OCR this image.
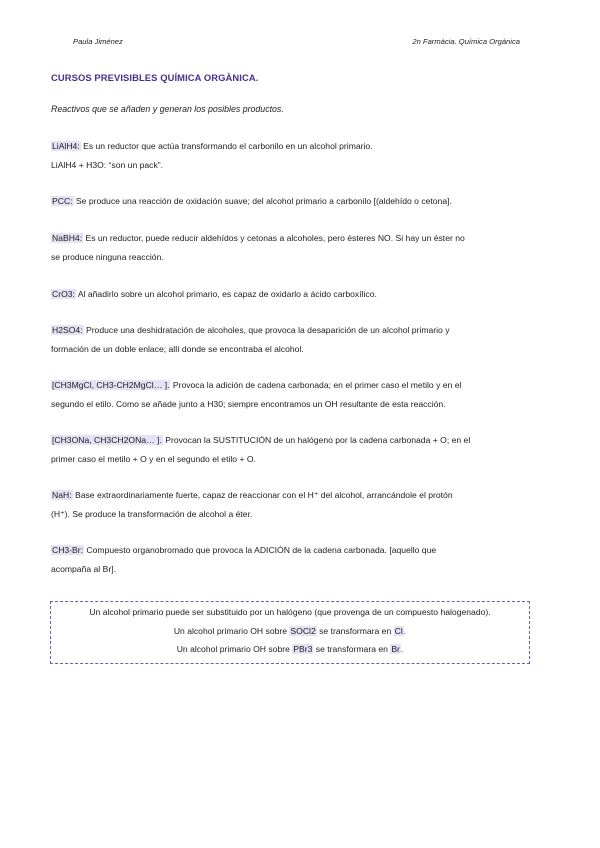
Paula Jiménez	2n Farmàcia. Química Orgànica
CURSOS PREVISIBLES QUÍMICA ORGÀNICA.
Reactivos que se añaden y generan los posibles productos.
LiAlH4: Es un reductor que actúa transformando el carbonilo en un alcohol primario.
LiAlH4 + H3O: “son un pack”.
PCC: Se produce una reacción de oxidación suave; del alcohol primario a carbonilo [(aldehído o cetona].
NaBH4: Es un reductor, puede reducir aldehídos y cetonas a alcoholes, pero ésteres NO. Si hay un éster no
se produce ninguna reacción.
CrO3: Al añadirlo sobre un alcohol primario, es capaz de oxidarlo a ácido carboxílico.
H2SO4: Produce una deshidratación de alcoholes, que provoca la desaparición de un alcohol primario y
formación de un doble enlace; allí donde se encontraba el alcohol.
[CH3MgCl, CH3-CH2MgCl… ]. Provoca la adición de cadena carbonada; en el primer caso el metilo y en el
segundo el etilo. Como se añade junto a H30; siempre encontramos un OH resultante de esta reacción.
[CH3ONa, CH3CH2ONa… ]. Provocan la SUSTITUCIÓN de un halógeno por la cadena carbonada + O; en el
primer caso el metilo + O y en el segundo el etilo + O.
NaH: Base extraordinariamente fuerte, capaz de reaccionar con el H⁺ del alcohol, arrancándole el protón
(H⁺). Se produce la transformación de alcohol a éter.
CH3-Br: Compuesto organobromado que provoca la ADICIÓN de la cadena carbonada. [aquello que
acompaña al Br].
Un alcohol primario puede ser substituido por un halógeno (que provenga de un compuesto halogenado).
Un alcohol primario OH sobre SOCl2 se transformara en Cl.
Un alcohol primario OH sobre PBr3 se transformara en Br.
